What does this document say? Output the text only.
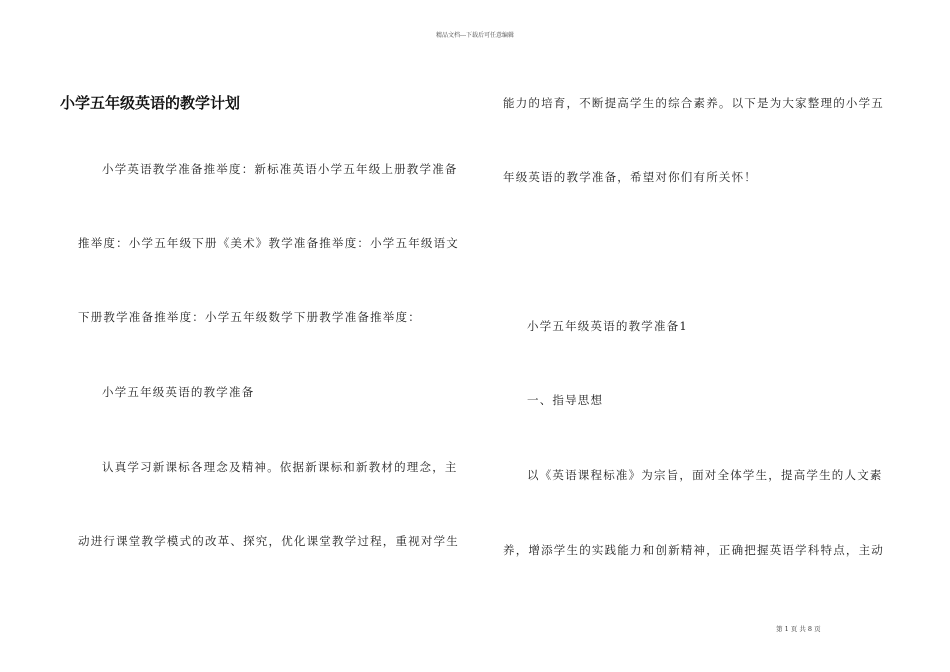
精品文档---下载后可任意编辑
小学五年级英语的教学计划
小学英语教学准备推举度：新标准英语小学五年级上册教学准备
推举度：小学五年级下册《美术》教学准备推举度：小学五年级语文
下册教学准备推举度：小学五年级数学下册教学准备推举度：
小学五年级英语的教学准备
认真学习新课标各理念及精神。依据新课标和新教材的理念，主
动进行课堂教学模式的改革、探究，优化课堂教学过程，重视对学生
能力的培育，不断提高学生的综合素养。以下是为大家整理的小学五
年级英语的教学准备，希望对你们有所关怀！
小学五年级英语的教学准备1
一、指导思想
以《英语课程标准》为宗旨，面对全体学生，提高学生的人文素
养，增添学生的实践能力和创新精神，正确把握英语学科特点，主动
第 1 页 共 8 页
